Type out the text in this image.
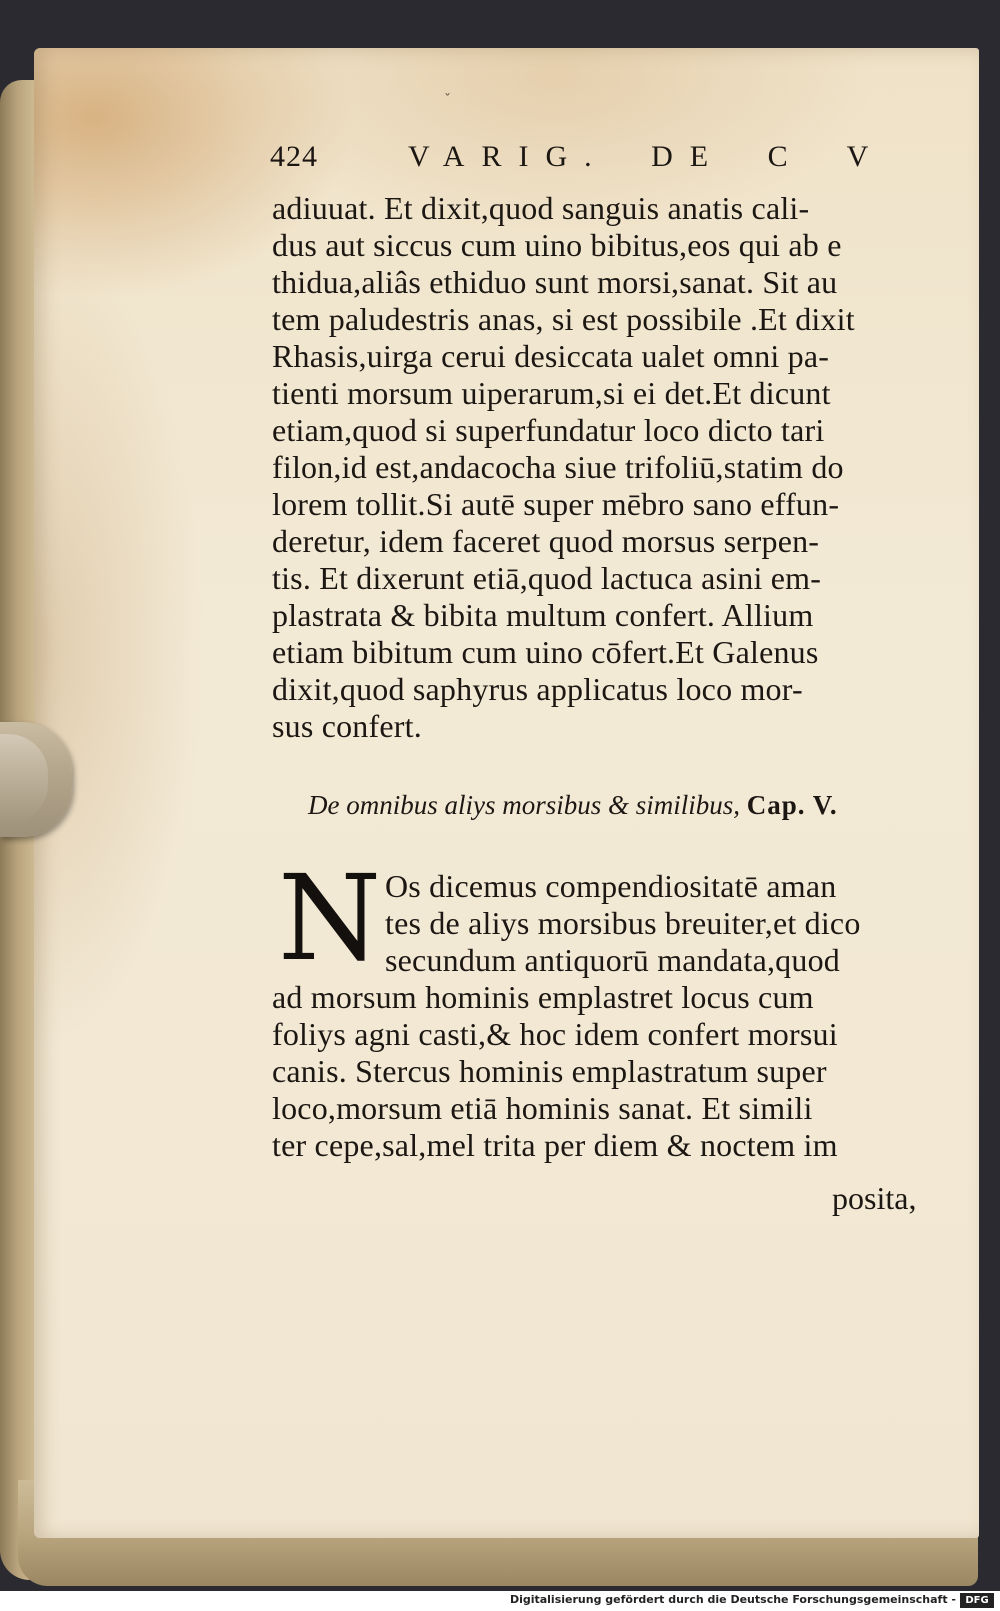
ˇ
424	VARIG. DE C V
adiuuat. Et dixit,quod sanguis anatis cali-
dus aut siccus cum uino bibitus,eos qui ab e
thidua,aliâs ethiduo sunt morsi,sanat. Sit au
tem paludestris anas, si est possibile .Et dixit
Rhasis,uirga cerui desiccata ualet omni pa-
tienti morsum uiperarum,si ei det.Et dicunt
etiam,quod si superfundatur loco dicto tari
filon,id est,andacocha siue trifoliū,statim do
lorem tollit.Si autē super mēbro sano effun-
deretur, idem faceret quod morsus serpen-
tis. Et dixerunt etiā,quod lactuca asini em-
plastrata & bibita multum confert. Allium
etiam bibitum cum uino cōfert.Et Galenus
dixit,quod saphyrus applicatus loco mor-
sus confert.
De omnibus aliys morsibus & similibus, Cap. V.
N Os dicemus compendiositatē aman
tes de aliys morsibus breuiter,et dico
secundum antiquorū mandata,quod
ad morsum hominis emplastret locus cum
foliys agni casti,& hoc idem confert morsui
canis. Stercus hominis emplastratum super
loco,morsum etiā hominis sanat. Et simili
ter cepe,sal,mel trita per diem & noctem im
posita,
Digitalisierung gefördert durch die Deutsche Forschungsgemeinschaft - DFG
